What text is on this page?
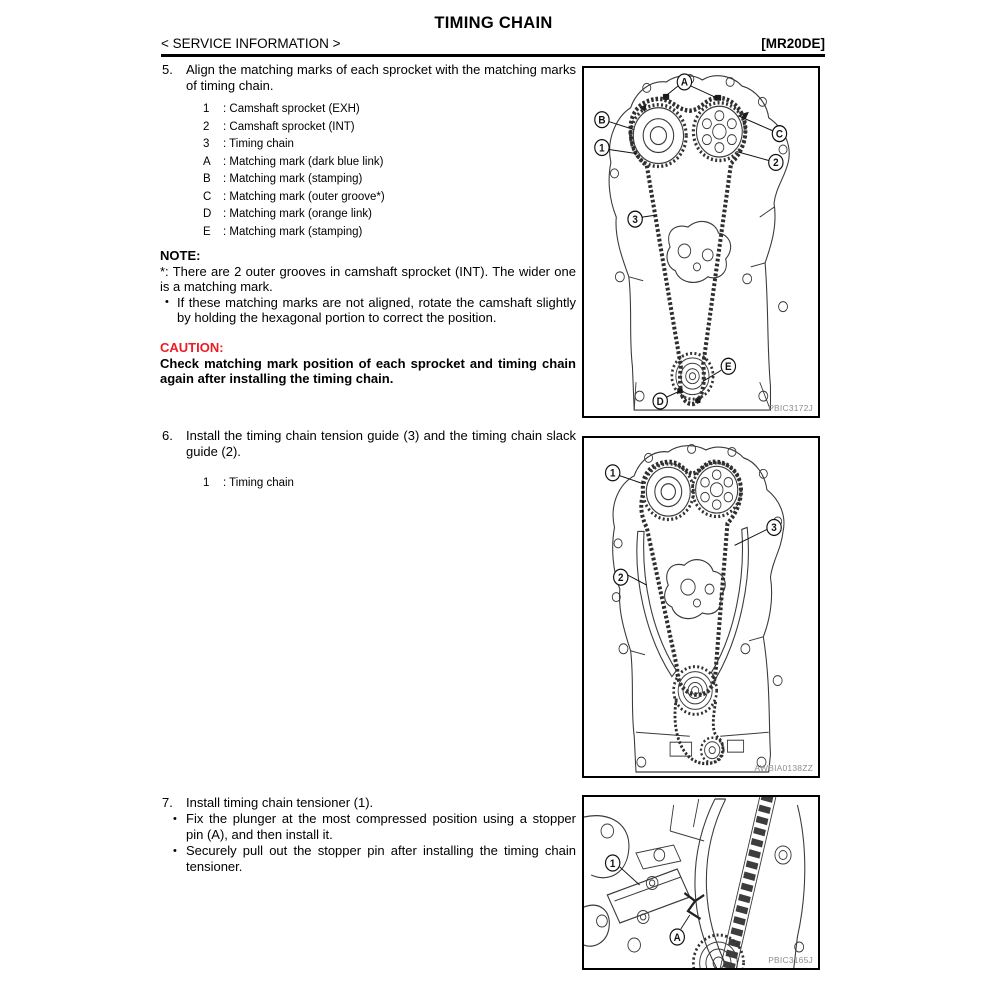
TIMING CHAIN
< SERVICE INFORMATION >	[MR20DE]
5. Align the matching marks of each sprocket with the matching marks of timing chain.
1	: Camshaft sprocket (EXH)
2	: Camshaft sprocket (INT)
3	: Timing chain
A	: Matching mark (dark blue link)
B	: Matching mark (stamping)
C	: Matching mark (outer groove*)
D	: Matching mark (orange link)
E	: Matching mark (stamping)
NOTE:
*: There are 2 outer grooves in camshaft sprocket (INT). The wider one is a matching mark.
• If these matching marks are not aligned, rotate the camshaft slightly by holding the hexagonal portion to correct the position.
CAUTION:
Check matching mark position of each sprocket and timing chain again after installing the timing chain.
6. Install the timing chain tension guide (3) and the timing chain slack guide (2).
1	: Timing chain
7. Install timing chain tensioner (1).
• Fix the plunger at the most compressed position using a stopper pin (A), and then install it.
• Securely pull out the stopper pin after installing the timing chain tensioner.
A
B
C
1
2
3
D
E
PBIC3172J
1
2
3
AWBIA0138ZZ
1
A
PBIC3165J
